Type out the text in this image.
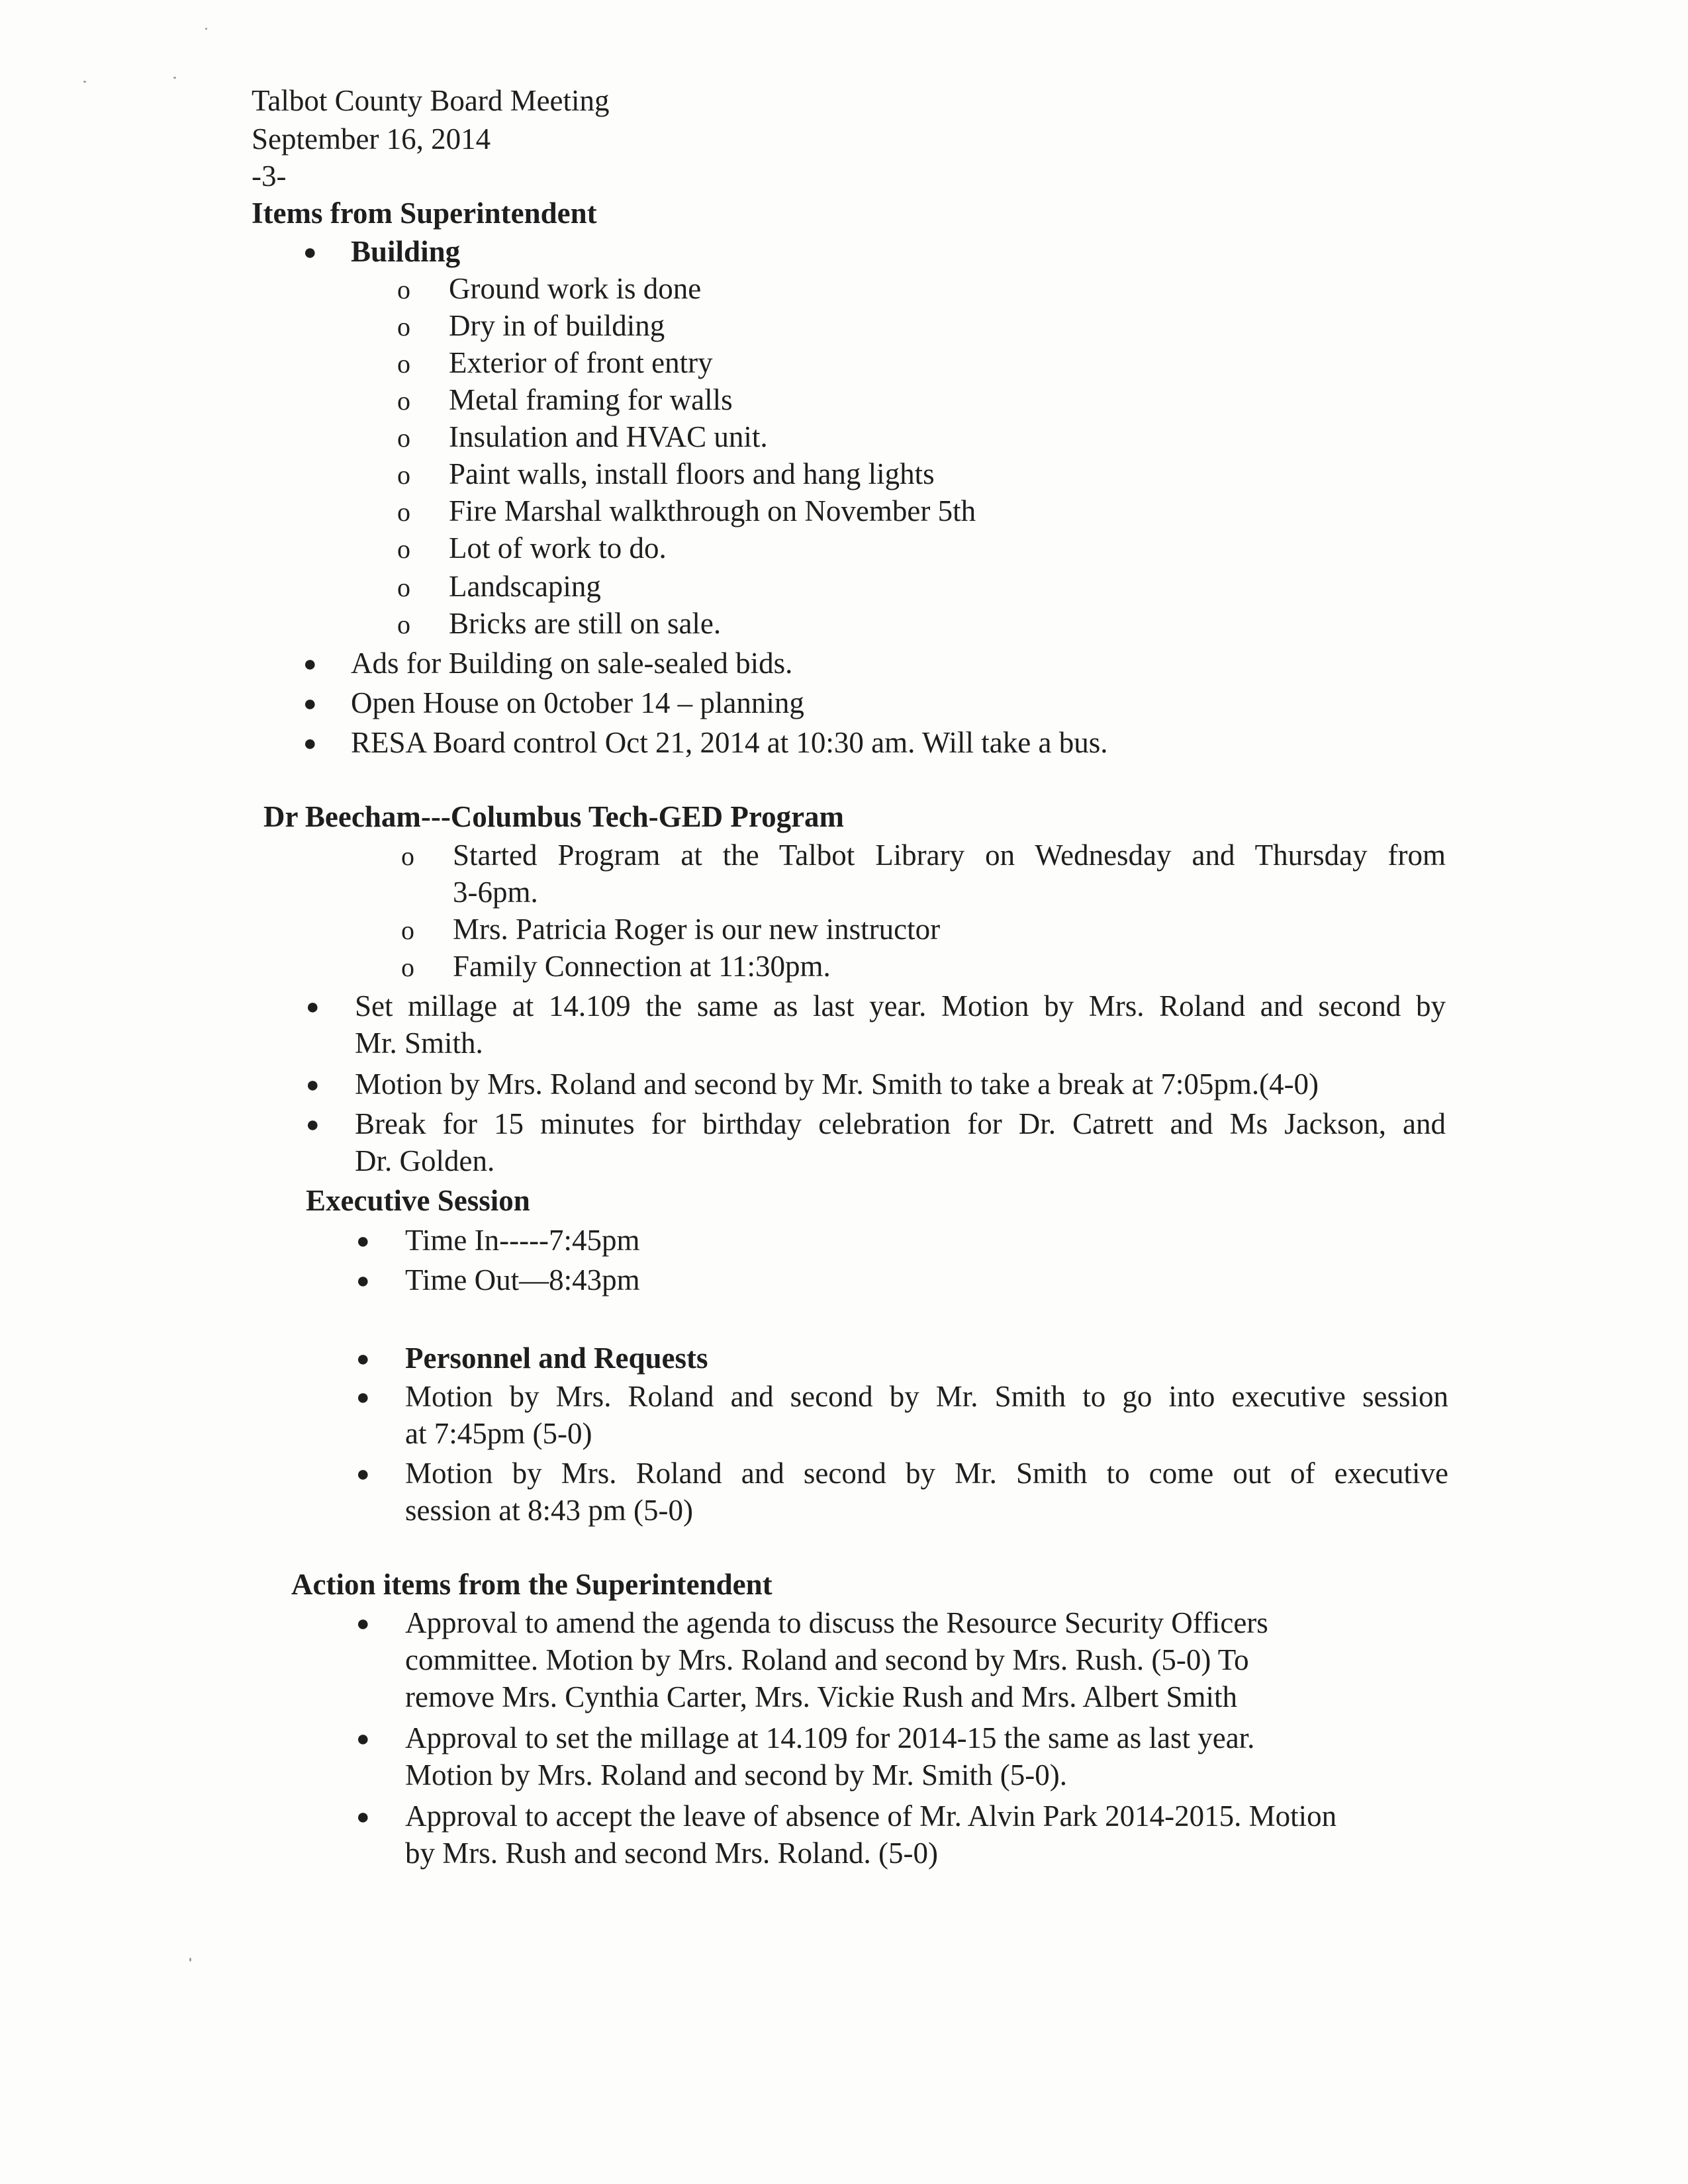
Talbot County Board Meeting
September 16, 2014
-3-
Items from Superintendent
● Building
o Ground work is done
o Dry in of building
o Exterior of front entry
o Metal framing for walls
o Insulation and HVAC unit.
o Paint walls, install floors and hang lights
o Fire Marshal walkthrough on November 5th
o Lot of work to do.
o Landscaping
o Bricks are still on sale.
● Ads for Building on sale-sealed bids.
● Open House on 0ctober 14 – planning
● RESA Board control Oct 21, 2014 at 10:30 am. Will take a bus.
Dr Beecham---Columbus Tech-GED Program
o Started Program at the Talbot Library on Wednesday and Thursday from
3-6pm.
o Mrs. Patricia Roger is our new instructor
o Family Connection at 11:30pm.
● Set millage at 14.109 the same as last year. Motion by Mrs. Roland and second by
Mr. Smith.
● Motion by Mrs. Roland and second by Mr. Smith to take a break at 7:05pm.(4-0)
● Break for 15 minutes for birthday celebration for Dr. Catrett and Ms Jackson, and
Dr. Golden.
Executive Session
● Time In-----7:45pm
● Time Out—8:43pm
● Personnel and Requests
● Motion by Mrs. Roland and second by Mr. Smith to go into executive session
at 7:45pm (5-0)
● Motion by Mrs. Roland and second by Mr. Smith to come out of executive
session at 8:43 pm (5-0)
Action items from the Superintendent
● Approval to amend the agenda to discuss the Resource Security Officers
committee. Motion by Mrs. Roland and second by Mrs. Rush. (5-0) To
remove Mrs. Cynthia Carter, Mrs. Vickie Rush and Mrs. Albert Smith
● Approval to set the millage at 14.109 for 2014-15 the same as last year.
Motion by Mrs. Roland and second by Mr. Smith (5-0).
● Approval to accept the leave of absence of Mr. Alvin Park 2014-2015. Motion
by Mrs. Rush and second Mrs. Roland. (5-0)
